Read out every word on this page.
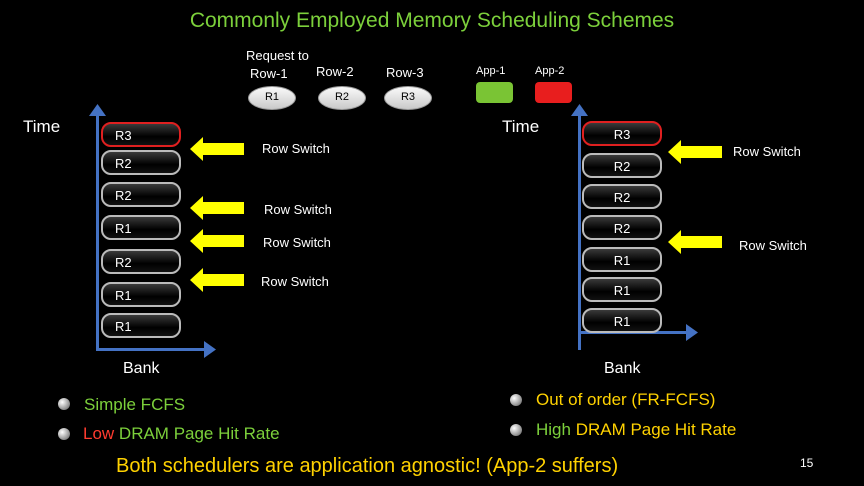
Commonly Employed Memory Scheduling Schemes
Request to
Row-1 Row-2 Row-3
R1	R2	R3
App-1	App-2
Time
Bank
R3
R2
R2
R1
R2
R1
R1
Row Switch
Row Switch
Row Switch
Row Switch
Time
Bank
R3
R2
R2
R2
R1
R1
R1
Row Switch
Row Switch
Simple FCFS
Low DRAM Page Hit Rate
Out of order (FR-FCFS)
High DRAM Page Hit Rate
Both schedulers are application agnostic! (App-2 suffers)	15
